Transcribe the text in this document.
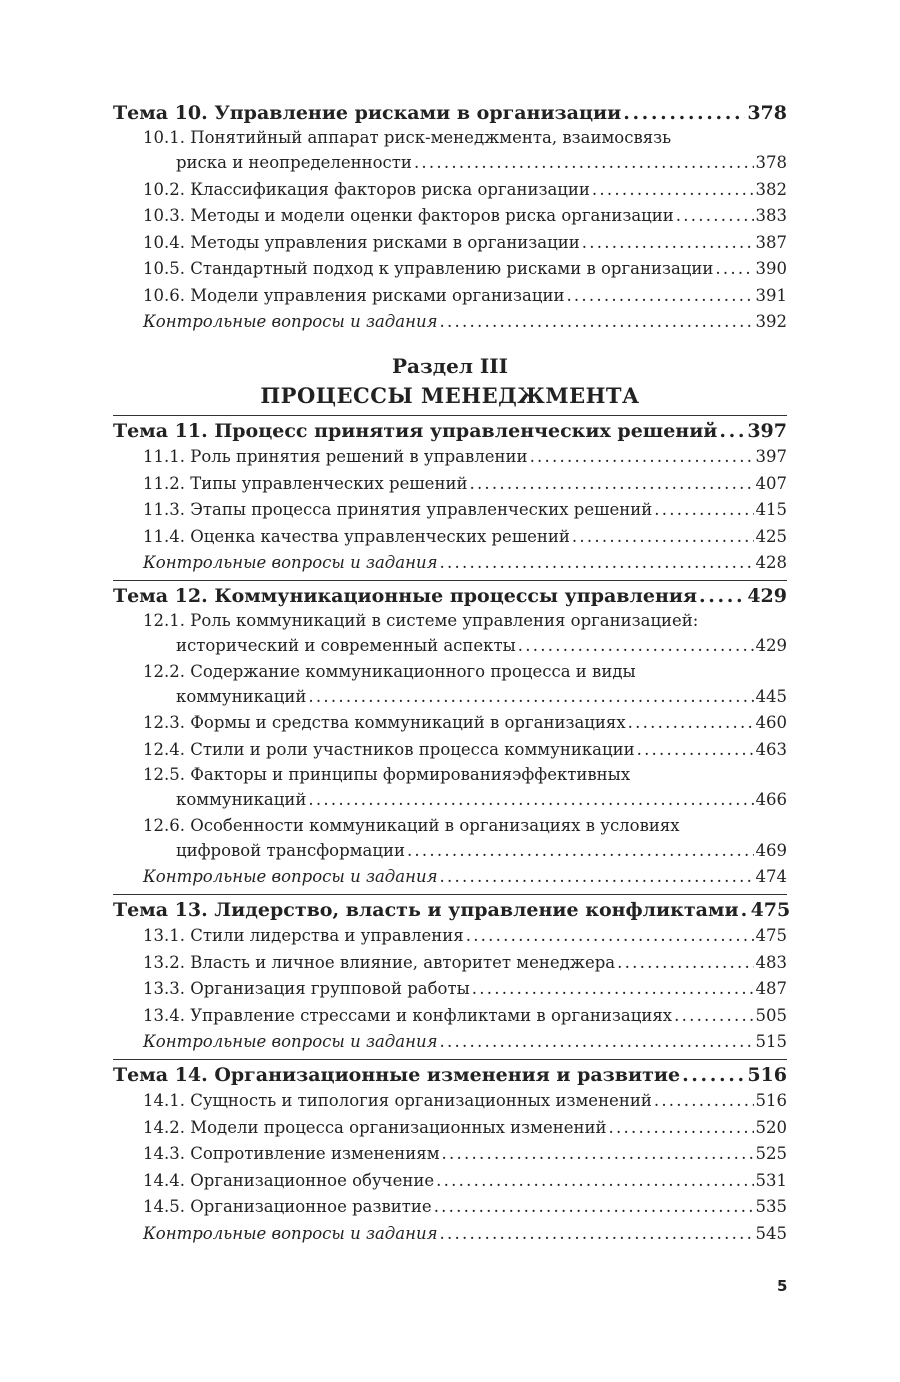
Тема 10. Управление рисками в организации . . .	378
10.1. Понятийный аппарат риск-менеджмента, взаимосвязь
риска и неопределенности . . .	378
10.2. Классификация факторов риска организации . . .	382
10.3. Методы и модели оценки факторов риска организации . . .	383
10.4. Методы управления рисками в организации . . .	387
10.5. Стандартный подход к управлению рисками в организации . . .	390
10.6. Модели управления рисками организации . . .	391
Контрольные вопросы и задания . . .	392
Раздел III
ПРОЦЕССЫ МЕНЕДЖМЕНТА
Тема 11. Процесс принятия управленческих решений . . . 397
11.1. Роль принятия решений в управлении . . .	397
11.2. Типы управленческих решений . . .	407
11.3. Этапы процесса принятия управленческих решений . . .	415
11.4. Оценка качества управленческих решений . . .	425
Контрольные вопросы и задания . . .	428
Тема 12. Коммуникационные процессы управления . . .	429
12.1. Роль коммуникаций в системе управления организацией:
исторический и современный аспекты . . .	429
12.2. Содержание коммуникационного процесса и виды
коммуникаций . . .	445
12.3. Формы и средства коммуникаций в организациях . . .	460
12.4. Стили и роли участников процесса коммуникации . . .	463
12.5. Факторы и принципы формированияэффективных
коммуникаций . . .	466
12.6. Особенности коммуникаций в организациях в условиях
цифровой трансформации . . .	469
Контрольные вопросы и задания . . .	474
Тема 13. Лидерство, власть и управление конфликтами . . . 475
13.1. Стили лидерства и управления . . .	475
13.2. Власть и личное влияние, авторитет менеджера . . .	483
13.3. Организация групповой работы . . .	487
13.4. Управление стрессами и конфликтами в организациях . . .	505
Контрольные вопросы и задания . . .	515
Тема 14. Организационные изменения и развитие . . .	516
14.1. Сущность и типология организационных изменений . . .	516
14.2. Модели процесса организационных изменений . . .	520
14.3. Сопротивление изменениям . . .	525
14.4. Организационное обучение . . .	531
14.5. Организационное развитие . . .	535
Контрольные вопросы и задания . . .	545
5
